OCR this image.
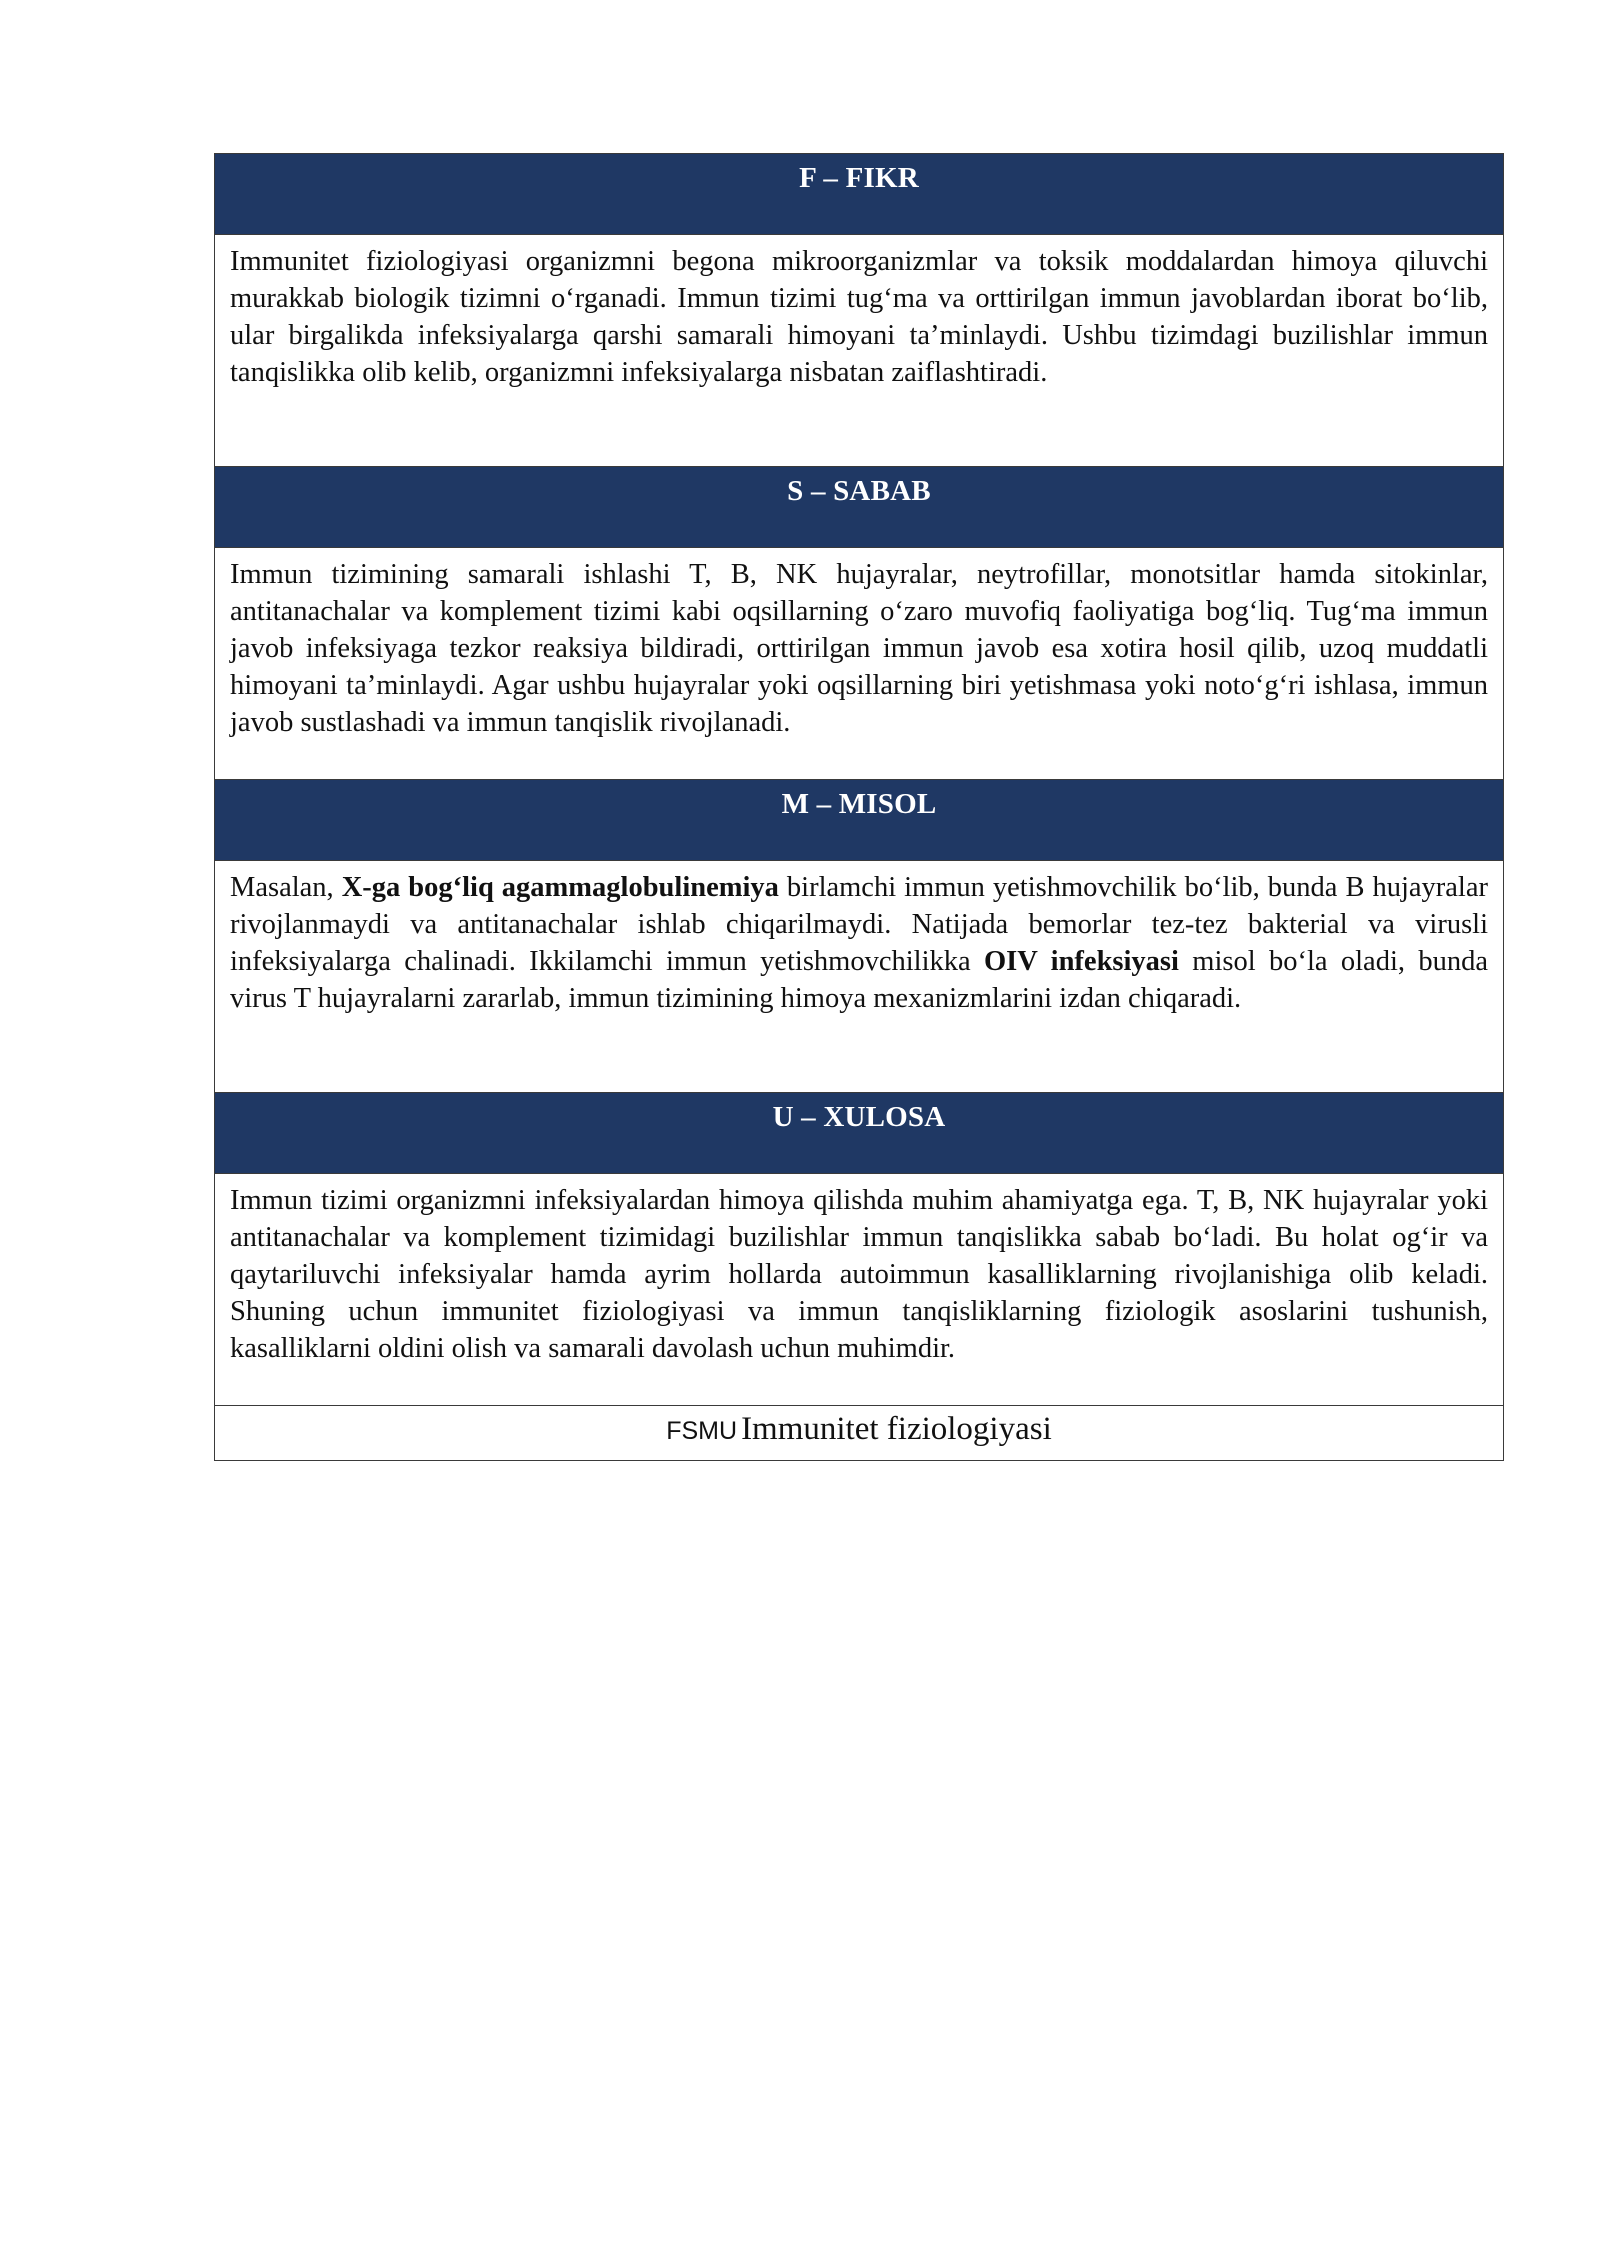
F – FIKR

Immunitet fiziologiyasi organizmni begona mikroorganizmlar va toksik moddalardan himoya qiluvchi murakkab biologik tizimni o‘rganadi. Immun tizimi tug‘ma va orttirilgan immun javoblardan iborat bo‘lib, ular birgalikda infeksiyalarga qarshi samarali himoyani ta’minlaydi. Ushbu tizimdagi buzilishlar immun tanqislikka olib kelib, organizmni infeksiyalarga nisbatan zaiflashtiradi.

S – SABAB

Immun tizimining samarali ishlashi T, B, NK hujayralar, neytrofillar, monotsitlar hamda sitokinlar, antitanachalar va komplement tizimi kabi oqsillarning o‘zaro muvofiq faoliyatiga bog‘liq. Tug‘ma immun javob infeksiyaga tezkor reaksiya bildiradi, orttirilgan immun javob esa xotira hosil qilib, uzoq muddatli himoyani ta’minlaydi. Agar ushbu hujayralar yoki oqsillarning biri yetishmasa yoki noto‘g‘ri ishlasa, immun javob sustlashadi va immun tanqislik rivojlanadi.

M – MISOL

Masalan, X-ga bog‘liq agammaglobulinemiya birlamchi immun yetishmovchilik bo‘lib, bunda B hujayralar rivojlanmaydi va antitanachalar ishlab chiqarilmaydi. Natijada bemorlar tez-tez bakterial va virusli infeksiyalarga chalinadi. Ikkilamchi immun yetishmovchilikka OIV infeksiyasi misol bo‘la oladi, bunda virus T hujayralarni zararlab, immun tizimining himoya mexanizmlarini izdan chiqaradi.

U – XULOSA

Immun tizimi organizmni infeksiyalardan himoya qilishda muhim ahamiyatga ega. T, B, NK hujayralar yoki antitanachalar va komplement tizimidagi buzilishlar immun tanqislikka sabab bo‘ladi. Bu holat og‘ir va qaytariluvchi infeksiyalar hamda ayrim hollarda autoimmun kasalliklarning rivojlanishiga olib keladi. Shuning uchun immunitet fiziologiyasi va immun tanqisliklarning fiziologik asoslarini tushunish, kasalliklarni oldini olish va samarali davolash uchun muhimdir.

FSMU Immunitet fiziologiyasi
